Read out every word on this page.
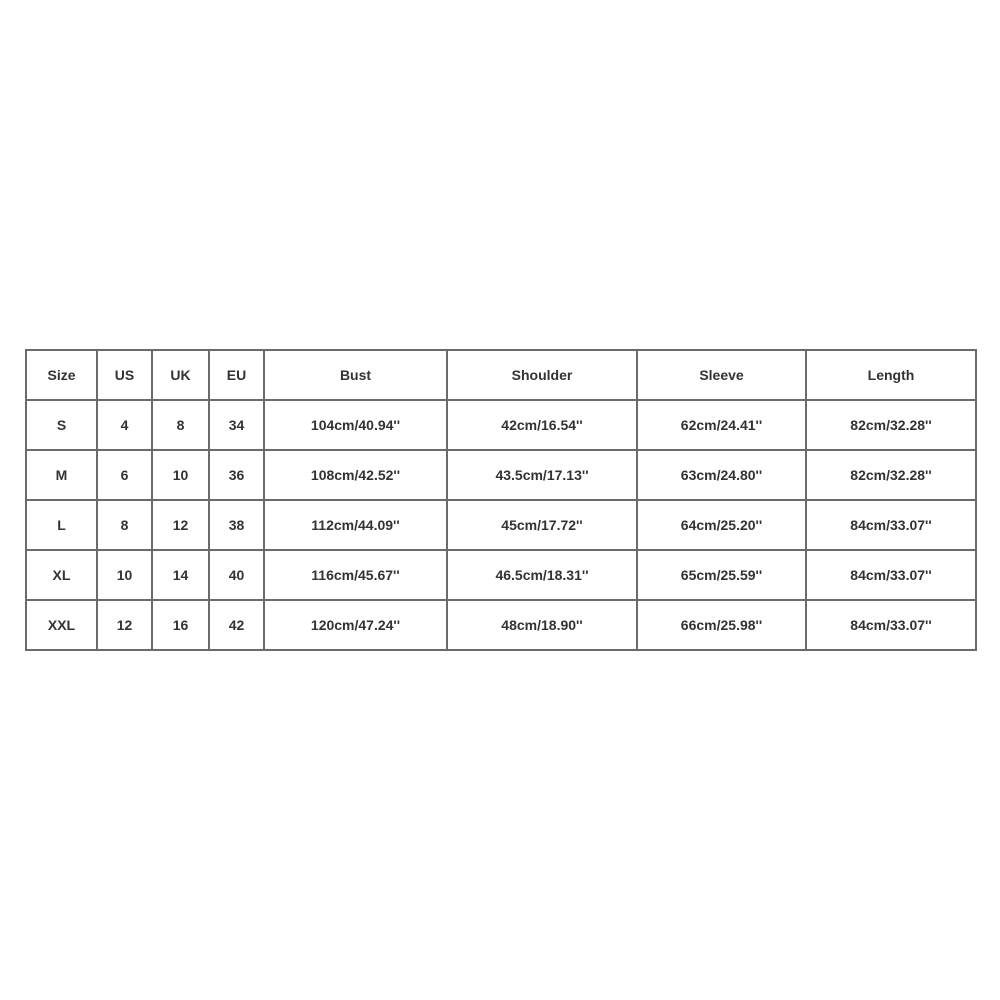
Size	US	UK	EU	Bust	Shoulder	Sleeve	Length
S	4	8	34	104cm/40.94''	42cm/16.54''	62cm/24.41''	82cm/32.28''
M	6	10	36	108cm/42.52''	43.5cm/17.13''	63cm/24.80''	82cm/32.28''
L	8	12	38	112cm/44.09''	45cm/17.72''	64cm/25.20''	84cm/33.07''
XL	10	14	40	116cm/45.67''	46.5cm/18.31''	65cm/25.59''	84cm/33.07''
XXL	12	16	42	120cm/47.24''	48cm/18.90''	66cm/25.98''	84cm/33.07''
